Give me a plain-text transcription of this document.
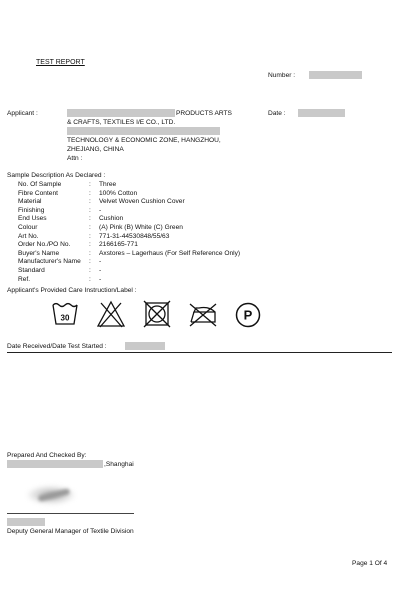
TEST REPORT
Number :
Applicant :	PRODUCTS ARTS
& CRAFTS, TEXTILES I/E CO., LTD.
TECHNOLOGY & ECONOMIC ZONE, HANGZHOU,
ZHEJIANG, CHINA
Attn :
Date :
Sample Description As Declared :
No. Of Sample	: Three
Fibre Content	: 100% Cotton
Material	: Velvet Woven Cushion Cover
Finishing	: -
End Uses	: Cushion
Colour	: (A) Pink (B) White (C) Green
Art No.	: 771-31-44530848/55/63
Order No./PO No.	: 2166165-771
Buyer's Name	: Axstores – Lagerhaus (For Self Reference Only)
Manufacturer's Name : -
Standard	: -
Ref.	: -
Applicant's Provided Care Instruction/Label :
30	P
Date Received/Date Test Started :
Prepared And Checked By:
,Shanghai
Deputy General Manager of Textile Division
Page 1 Of 4
